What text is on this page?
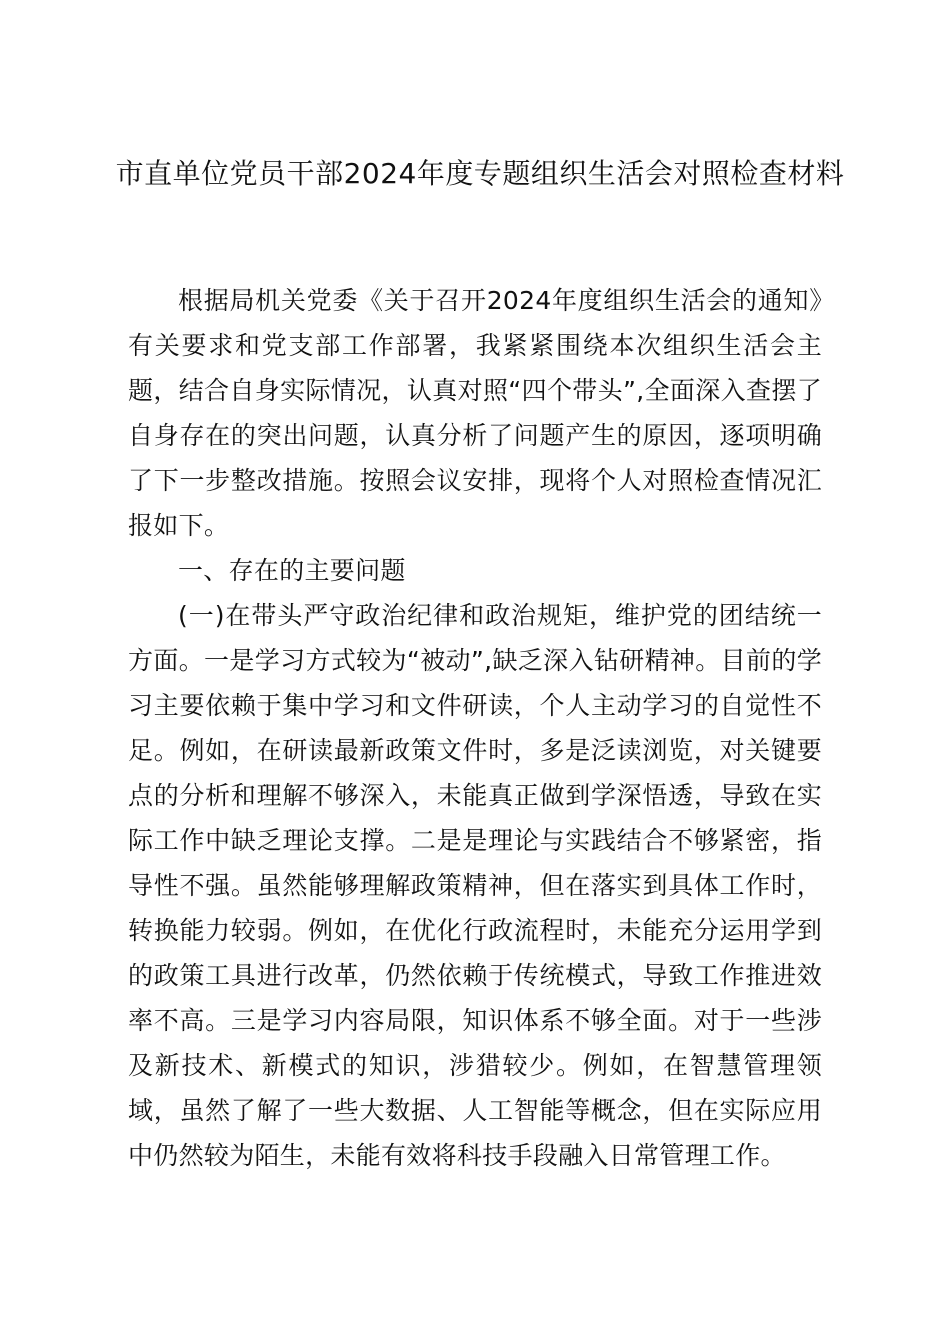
市直单位党员干部2024年度专题组织生活会对照检查材料

根据局机关党委《关于召开2024年度组织生活会的通知》有关要求和党支部工作部署，我紧紧围绕本次组织生活会主题，结合自身实际情况，认真对照“四个带头”,全面深入查摆了自身存在的突出问题，认真分析了问题产生的原因，逐项明确了下一步整改措施。按照会议安排，现将个人对照检查情况汇报如下。

一、存在的主要问题

(一)在带头严守政治纪律和政治规矩，维护党的团结统一方面。一是学习方式较为“被动”,缺乏深入钻研精神。目前的学习主要依赖于集中学习和文件研读，个人主动学习的自觉性不足。例如，在研读最新政策文件时，多是泛读浏览，对关键要点的分析和理解不够深入，未能真正做到学深悟透，导致在实际工作中缺乏理论支撑。二是是理论与实践结合不够紧密，指导性不强。虽然能够理解政策精神，但在落实到具体工作时，转换能力较弱。例如，在优化行政流程时，未能充分运用学到的政策工具进行改革，仍然依赖于传统模式，导致工作推进效率不高。三是学习内容局限，知识体系不够全面。对于一些涉及新技术、新模式的知识，涉猎较少。例如，在智慧管理领域，虽然了解了一些大数据、人工智能等概念，但在实际应用中仍然较为陌生，未能有效将科技手段融入日常管理工作。
